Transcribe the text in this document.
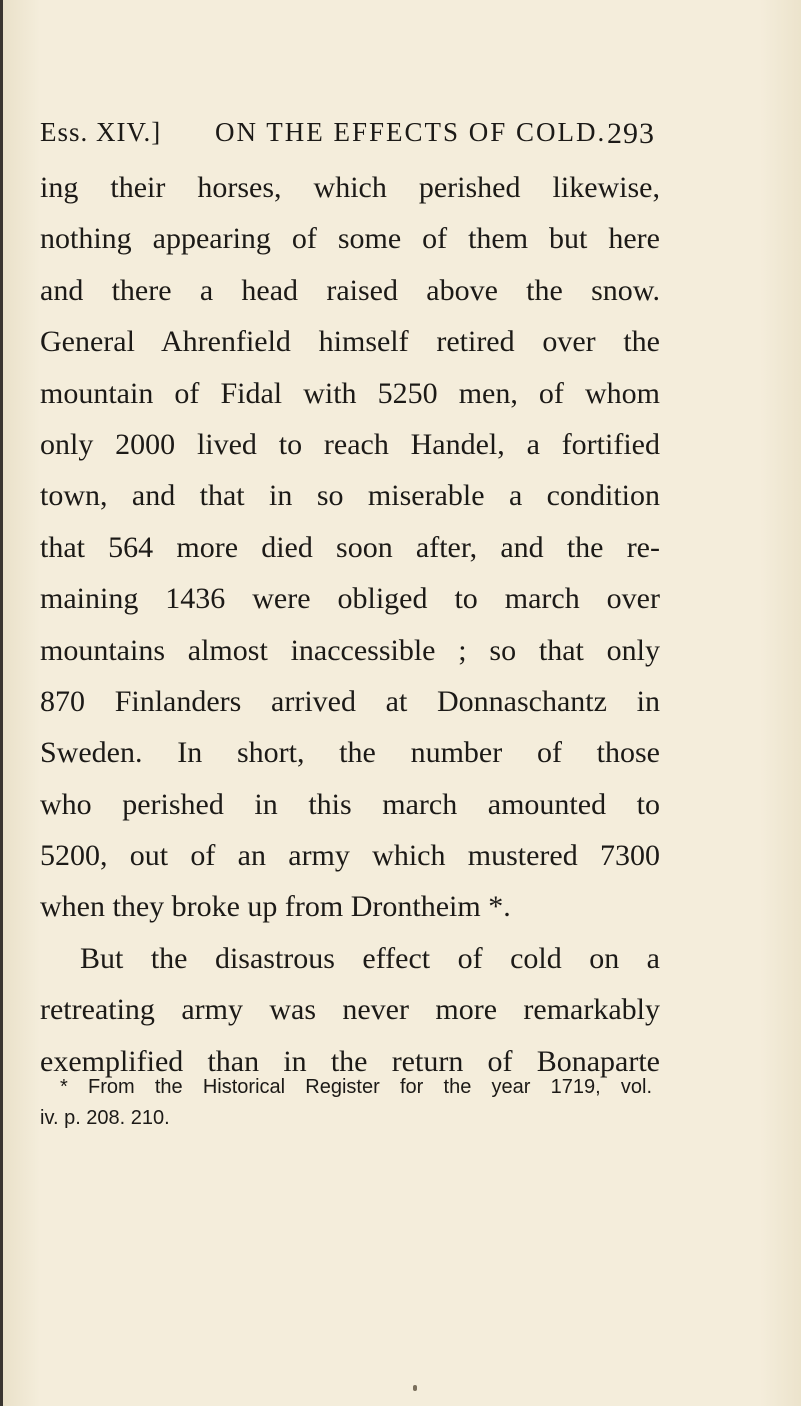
Ess. XIV.] ON THE EFFECTS OF COLD. 293
ing their horses, which perished likewise,
nothing appearing of some of them but here
and there a head raised above the snow.
General Ahrenfield himself retired over the
mountain of Fidal with 5250 men, of whom
only 2000 lived to reach Handel, a fortified
town, and that in so miserable a condition
that 564 more died soon after, and the re-
maining 1436 were obliged to march over
mountains almost inaccessible ; so that only
870 Finlanders arrived at Donnaschantz in
Sweden. In short, the number of those
who perished in this march amounted to
5200, out of an army which mustered 7300
when they broke up from Drontheim *.
But the disastrous effect of cold on a
retreating army was never more remarkably
exemplified than in the return of Bonaparte
* From the Historical Register for the year 1719, vol.
iv. p. 208. 210.
